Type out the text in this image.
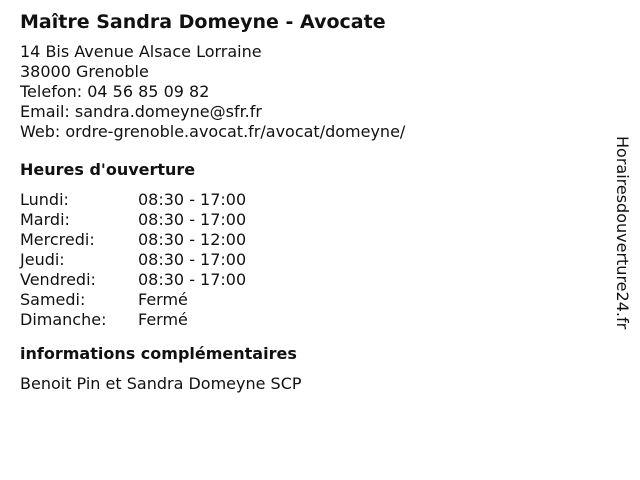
Maître Sandra Domeyne - Avocate

14 Bis Avenue Alsace Lorraine

38000 Grenoble

Telefon: 04 56 85 09 82

Email: sandra.domeyne@sfr.fr

Web: ordre-grenoble.avocat.fr/avocat/domeyne/

Heures d'ouverture
Lundi:	08:30 - 17:00
Mardi:	08:30 - 17:00
Mercredi:	08:30 - 12:00
Jeudi:	08:30 - 17:00
Vendredi:	08:30 - 17:00
Samedi:	Fermé
Dimanche:	Fermé
informations complémentaires

Benoit Pin et Sandra Domeyne SCP

Horairesdouverture24.fr
